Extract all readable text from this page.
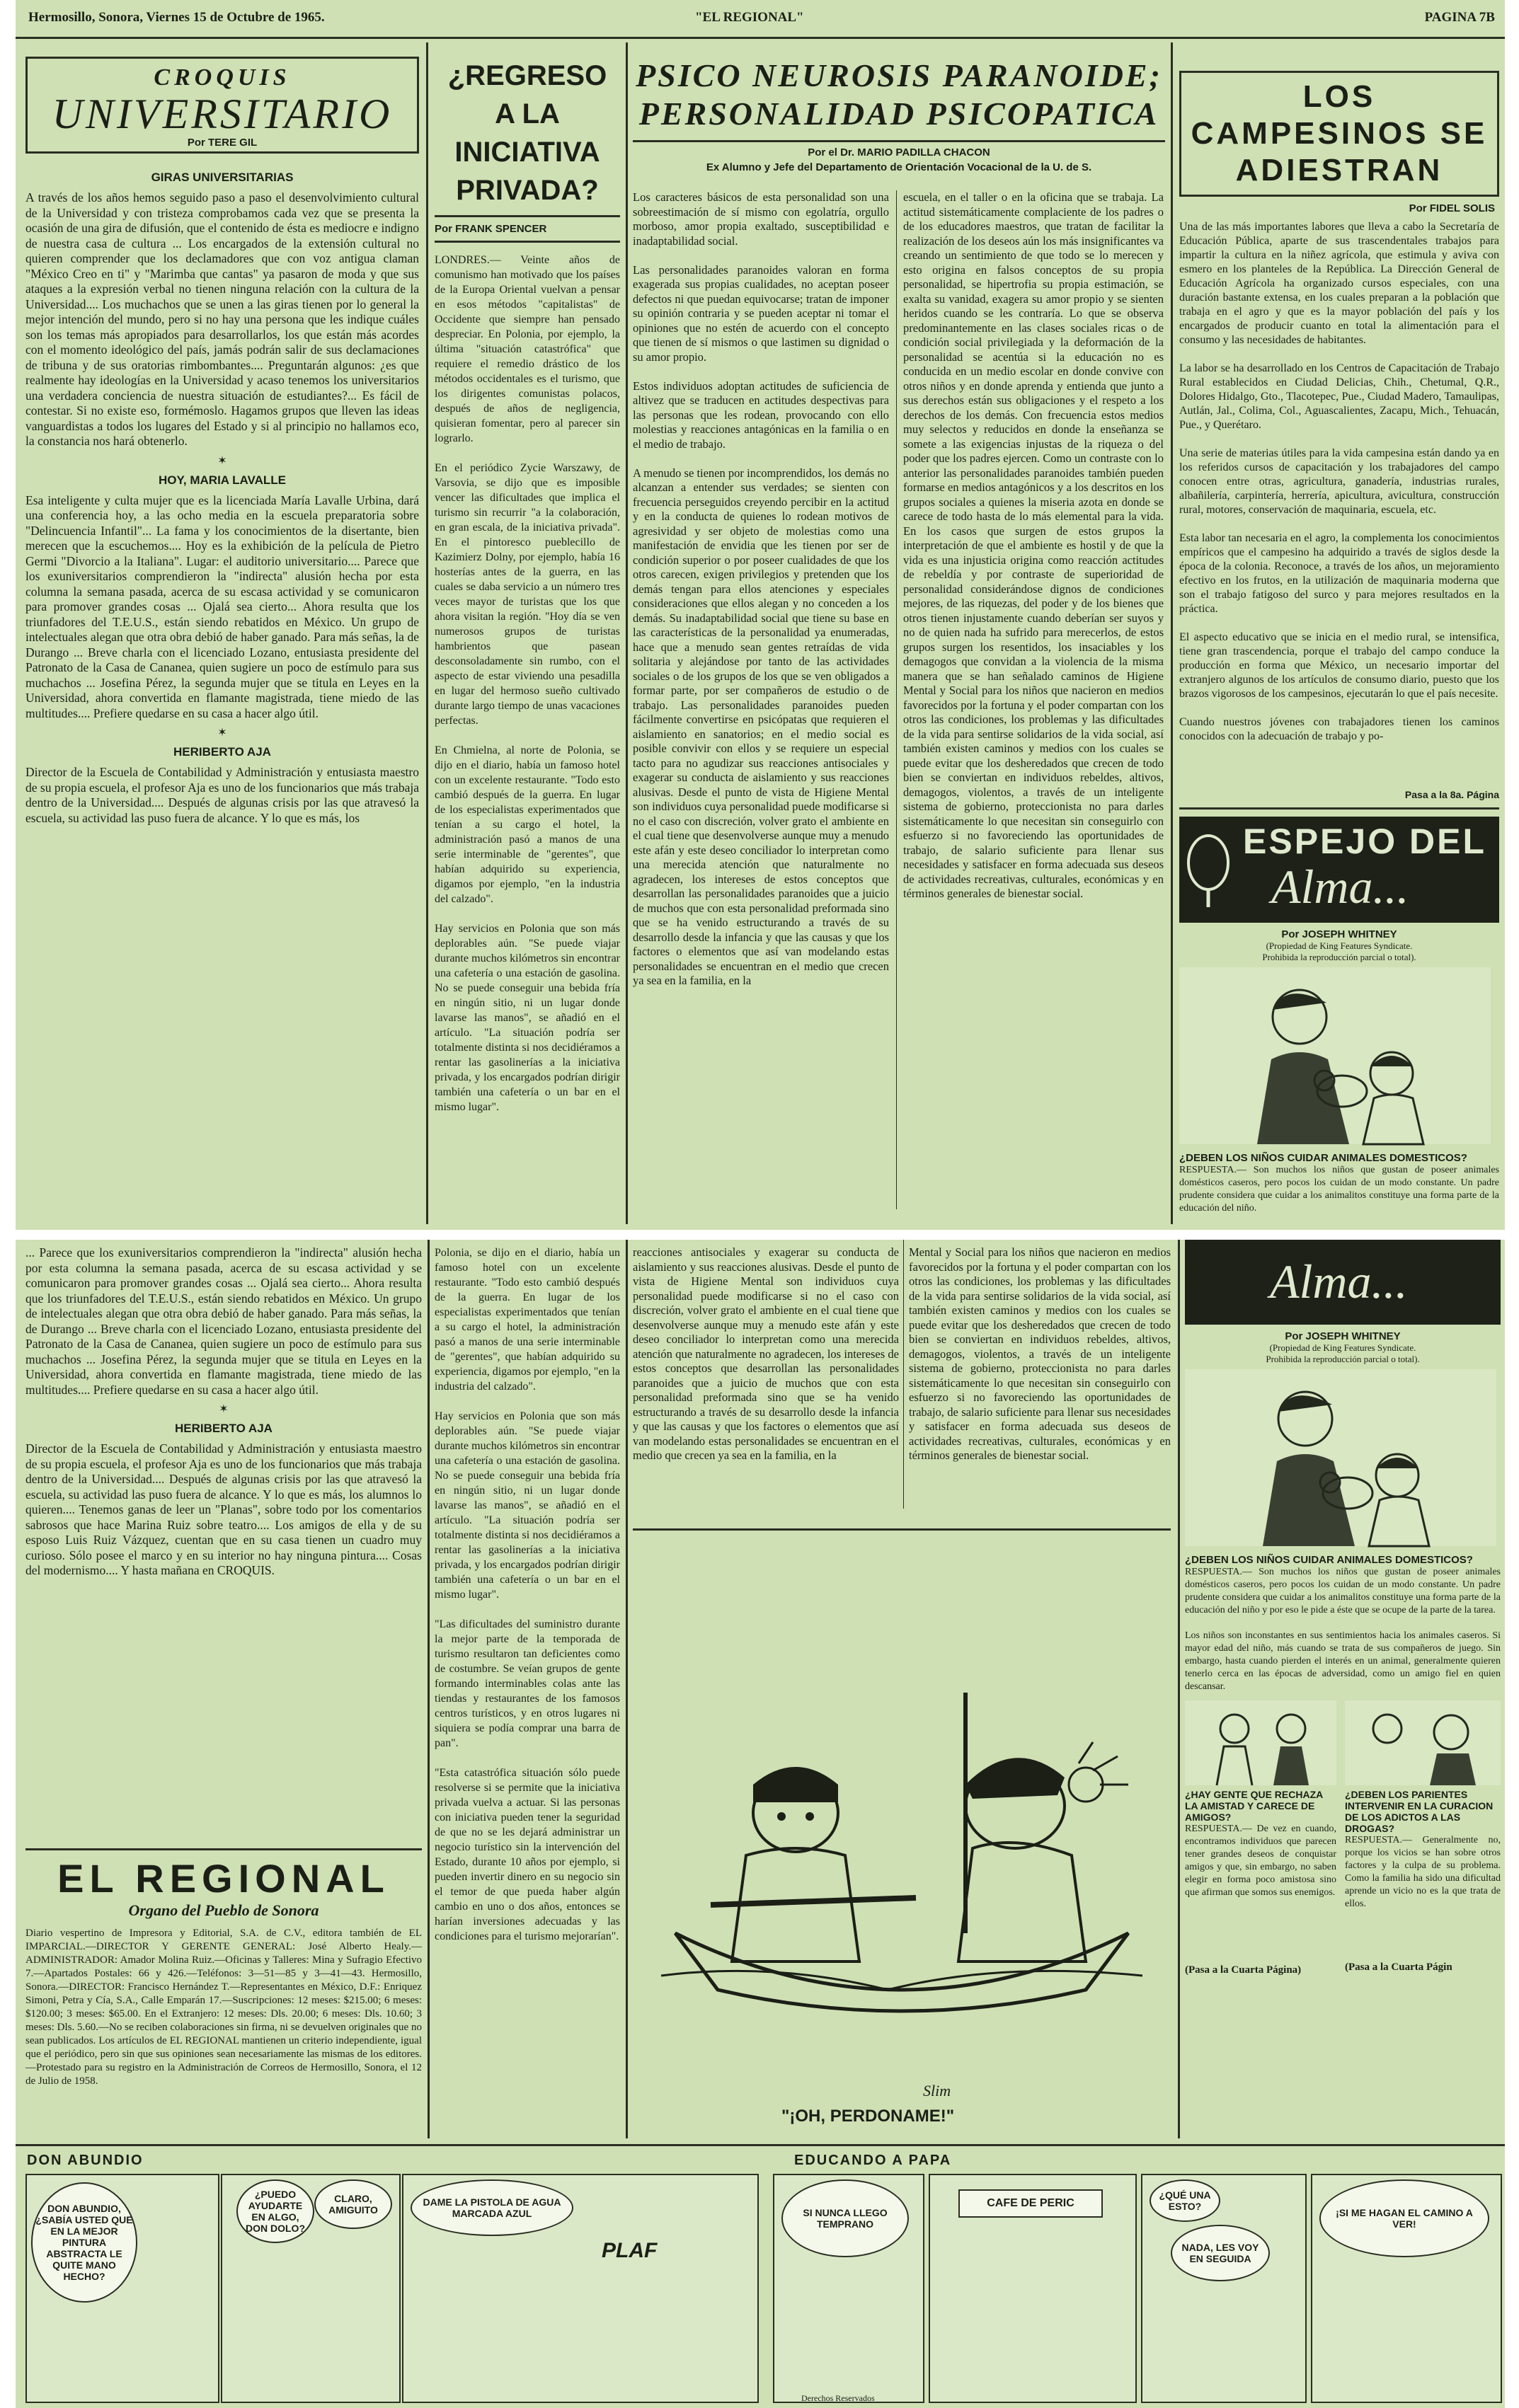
Hermosillo, Sonora, Viernes 15 de Octubre de 1965.	"EL REGIONAL"	PAGINA 7B
CROQUIS
UNIVERSITARIO
Por TERE GIL
GIRAS UNIVERSITARIAS
A través de los años hemos seguido paso a paso el desenvolvimiento cultural de la Universidad y con tristeza comprobamos cada vez que se presenta la ocasión de una gira de difusión, que el contenido de ésta es mediocre e indigno de nuestra casa de cultura ... Los encargados de la extensión cultural no quieren comprender que los declamadores que con voz antigua claman "México Creo en ti" y "Marimba que cantas" ya pasaron de moda y que sus ataques a la expresión verbal no tienen ninguna relación con la cultura de la Universidad.... Los muchachos que se unen a las giras tienen por lo general la mejor intención del mundo, pero si no hay una persona que les indique cuáles son los temas más apropiados para desarrollarlos, los que están más acordes con el momento ideológico del país, jamás podrán salir de sus declamaciones de tribuna y de sus oratorias rimbombantes.... Preguntarán algunos: ¿es que realmente hay ideologías en la Universidad y acaso tenemos los universitarios una verdadera conciencia de nuestra situación de estudiantes?... Es fácil de contestar. Si no existe eso, formémoslo. Hagamos grupos que lleven las ideas vanguardistas a todos los lugares del Estado y si al principio no hallamos eco, la constancia nos hará obtenerlo.
✶
HOY, MARIA LAVALLE
Esa inteligente y culta mujer que es la licenciada María Lavalle Urbina, dará una conferencia hoy, a las ocho media en la escuela preparatoria sobre "Delincuencia Infantil"... La fama y los conocimientos de la disertante, bien merecen que la escuchemos.... Hoy es la exhibición de la película de Pietro Germi "Divorcio a la Italiana". Lugar: el auditorio universitario.... Parece que los exuniversitarios comprendieron la "indirecta" alusión hecha por esta columna la semana pasada, acerca de su escasa actividad y se comunicaron para promover grandes cosas ... Ojalá sea cierto... Ahora resulta que los triunfadores del T.E.U.S., están siendo rebatidos en México. Un grupo de intelectuales alegan que otra obra debió de haber ganado. Para más señas, la de Durango ... Breve charla con el licenciado Lozano, entusiasta presidente del Patronato de la Casa de Cananea, quien sugiere un poco de estímulo para sus muchachos ... Josefina Pérez, la segunda mujer que se titula en Leyes en la Universidad, ahora convertida en flamante magistrada, tiene miedo de las multitudes.... Prefiere quedarse en su casa a hacer algo útil.
✶
HERIBERTO AJA
Director de la Escuela de Contabilidad y Administración y entusiasta maestro de su propia escuela, el profesor Aja es uno de los funcionarios que más trabaja dentro de la Universidad.... Después de algunas crisis por las que atravesó la escuela, su actividad las puso fuera de alcance. Y lo que es más, los
¿REGRESO A LA INICIATIVA PRIVADA?
Por FRANK SPENCER
LONDRES.— Veinte años de comunismo han motivado que los países de la Europa Oriental vuelvan a pensar en esos métodos "capitalistas" de Occidente que siempre han pensado despreciar. En Polonia, por ejemplo, la última "situación catastrófica" que requiere el remedio drástico de los métodos occidentales es el turismo, que los dirigentes comunistas polacos, después de años de negligencia, quisieran fomentar, pero al parecer sin lograrlo.

En el periódico Zycie Warszawy, de Varsovia, se dijo que es imposible vencer las dificultades que implica el turismo sin recurrir "a la colaboración, en gran escala, de la iniciativa privada". En el pintoresco pueblecillo de Kazimierz Dolny, por ejemplo, había 16 hosterías antes de la guerra, en las cuales se daba servicio a un número tres veces mayor de turistas que los que ahora visitan la región. "Hoy día se ven numerosos grupos de turistas hambrientos que pasean desconsoladamente sin rumbo, con el aspecto de estar viviendo una pesadilla en lugar del hermoso sueño cultivado durante largo tiempo de unas vacaciones perfectas.

En Chmielna, al norte de Polonia, se dijo en el diario, había un famoso hotel con un excelente restaurante. "Todo esto cambió después de la guerra. En lugar de los especialistas experimentados que tenían a su cargo el hotel, la administración pasó a manos de una serie interminable de "gerentes", que habían adquirido su experiencia, digamos por ejemplo, "en la industria del calzado".

Hay servicios en Polonia que son más deplorables aún. "Se puede viajar durante muchos kilómetros sin encontrar una cafetería o una estación de gasolina. No se puede conseguir una bebida fría en ningún sitio, ni un lugar donde lavarse las manos", se añadió en el artículo. "La situación podría ser totalmente distinta si nos decidiéramos a rentar las gasolinerías a la iniciativa privada, y los encargados podrían dirigir también una cafetería o un bar en el mismo lugar".
PSICO NEUROSIS PARANOIDE; PERSONALIDAD PSICOPATICA
Por el Dr. MARIO PADILLA CHACON
Ex Alumno y Jefe del Departamento de Orientación Vocacional de la U. de S.
Los caracteres básicos de esta personalidad son una sobreestimación de sí mismo con egolatría, orgullo morboso, amor propia exaltado, susceptibilidad e inadaptabilidad social.

Las personalidades paranoides valoran en forma exagerada sus propias cualidades, no aceptan poseer defectos ni que puedan equivocarse; tratan de imponer su opinión contraria y se pueden aceptar ni tomar el opiniones que no estén de acuerdo con el concepto que tienen de sí mismos o que lastimen su dignidad o su amor propio.

Estos individuos adoptan actitudes de suficiencia de altivez que se traducen en actitudes despectivas para las personas que les rodean, provocando con ello molestias y reacciones antagónicas en la familia o en el medio de trabajo.

A menudo se tienen por incomprendidos, los demás no alcanzan a entender sus verdades; se sienten con frecuencia perseguidos creyendo percibir en la actitud y en la conducta de quienes lo rodean motivos de agresividad y ser objeto de molestias como una manifestación de envidia que les tienen por ser de condición superior o por poseer cualidades de que los otros carecen, exigen privilegios y pretenden que los demás tengan para ellos atenciones y especiales consideraciones que ellos alegan y no conceden a los demás. Su inadaptabilidad social que tiene su base en las características de la personalidad ya enumeradas, hace que a menudo sean gentes retraídas de vida solitaria y alejándose por tanto de las actividades sociales o de los grupos de los que se ven obligados a formar parte, por ser compañeros de estudio o de trabajo. Las personalidades paranoides pueden fácilmente convertirse en psicópatas que requieren el aislamiento en sanatorios; en el medio social es posible convivir con ellos y se requiere un especial tacto para no agudizar sus reacciones antisociales y exagerar su conducta de aislamiento y sus reacciones alusivas. Desde el punto de vista de Higiene Mental son individuos cuya personalidad puede modificarse si no el caso con discreción, volver grato el ambiente en el cual tiene que desenvolverse aunque muy a menudo este afán y este deseo conciliador lo interpretan como una merecida atención que naturalmente no agradecen, los intereses de estos conceptos que desarrollan las personalidades paranoides que a juicio de muchos que con esta personalidad preformada sino que se ha venido estructurando a través de su desarrollo desde la infancia y que las causas y que los factores o elementos que así van modelando estas personalidades se encuentran en el medio que crecen ya sea en la familia, en la
escuela, en el taller o en la oficina que se trabaja. La actitud sistemáticamente complaciente de los padres o de los educadores maestros, que tratan de facilitar la realización de los deseos aún los más insignificantes va creando un sentimiento de que todo se lo merecen y esto origina en falsos conceptos de su propia personalidad, se hipertrofia su propia estimación, se exalta su vanidad, exagera su amor propio y se sienten heridos cuando se les contraría. Lo que se observa predominantemente en las clases sociales ricas o de condición social privilegiada y la deformación de la personalidad se acentúa si la educación no es conducida en un medio escolar en donde convive con otros niños y en donde aprenda y entienda que junto a sus derechos están sus obligaciones y el respeto a los derechos de los demás. Con frecuencia estos medios muy selectos y reducidos en donde la enseñanza se somete a las exigencias injustas de la riqueza o del poder que los padres ejercen. Como un contraste con lo anterior las personalidades paranoides también pueden formarse en medios antagónicos y a los descritos en los grupos sociales a quienes la miseria azota en donde se carece de todo hasta de lo más elemental para la vida. En los casos que surgen de estos grupos la interpretación de que el ambiente es hostil y de que la vida es una injusticia origina como reacción actitudes de rebeldía y por contraste de superioridad de personalidad considerándose dignos de condiciones mejores, de las riquezas, del poder y de los bienes que otros tienen injustamente cuando deberían ser suyos y no de quien nada ha sufrido para merecerlos, de estos grupos surgen los resentidos, los insaciables y los demagogos que convidan a la violencia de la misma manera que se han señalado caminos de Higiene Mental y Social para los niños que nacieron en medios favorecidos por la fortuna y el poder compartan con los otros las condiciones, los problemas y las dificultades de la vida para sentirse solidarios de la vida social, así también existen caminos y medios con los cuales se puede evitar que los desheredados que crecen de todo bien se conviertan en individuos rebeldes, altivos, demagogos, violentos, a través de un inteligente sistema de gobierno, proteccionista no para darles sistemáticamente lo que necesitan sin conseguirlo con esfuerzo si no favoreciendo las oportunidades de trabajo, de salario suficiente para llenar sus necesidades y satisfacer en forma adecuada sus deseos de actividades recreativas, culturales, económicas y en términos generales de bienestar social.
LOS CAMPESINOS SE ADIESTRAN
Por FIDEL SOLIS
Una de las más importantes labores que lleva a cabo la Secretaría de Educación Pública, aparte de sus trascendentales trabajos para impartir la cultura en la niñez agrícola, que estimula y aviva con esmero en los planteles de la República. La Dirección General de Educación Agrícola ha organizado cursos especiales, con una duración bastante extensa, en los cuales preparan a la población que trabaja en el agro y que es la mayor población del país y los encargados de producir cuanto en total la alimentación para el consumo y las necesidades de habitantes.

La labor se ha desarrollado en los Centros de Capacitación de Trabajo Rural establecidos en Ciudad Delicias, Chih., Chetumal, Q.R., Dolores Hidalgo, Gto., Tlacotepec, Pue., Ciudad Madero, Tamaulipas, Autlán, Jal., Colima, Col., Aguascalientes, Zacapu, Mich., Tehuacán, Pue., y Querétaro.

Una serie de materias útiles para la vida campesina están dando ya en los referidos cursos de capacitación y los trabajadores del campo conocen entre otras, agricultura, ganadería, industrias rurales, albañilería, carpintería, herrería, apicultura, avicultura, construcción rural, motores, conservación de maquinaria, escuela, etc.

Esta labor tan necesaria en el agro, la complementa los conocimientos empíricos que el campesino ha adquirido a través de siglos desde la época de la colonia. Reconoce, a través de los años, un mejoramiento efectivo en los frutos, en la utilización de maquinaria moderna que son el trabajo fatigoso del surco y para mejores resultados en la práctica.

El aspecto educativo que se inicia en el medio rural, se intensifica, tiene gran trascendencia, porque el trabajo del campo conduce la producción en forma que México, un necesario importar del extranjero algunos de los artículos de consumo diario, puesto que los brazos vigorosos de los campesinos, ejecutarán lo que el país necesite.

Cuando nuestros jóvenes con trabajadores tienen los caminos conocidos con la adecuación de trabajo y po-
Pasa a la 8a. Página
ESPEJO DEL
Alma...
Por JOSEPH WHITNEY
(Propiedad de King Features Syndicate.
Prohibida la reproducción parcial o total).
¿DEBEN LOS NIÑOS CUIDAR ANIMALES DOMESTICOS?
RESPUESTA.— Son muchos los niños que gustan de poseer animales domésticos caseros, pero pocos los cuidan de un modo constante. Un padre prudente considera que cuidar a los animalitos constituye una forma parte de la educación del niño.
... Parece que los exuniversitarios comprendieron la "indirecta" alusión hecha por esta columna la semana pasada, acerca de su escasa actividad y se comunicaron para promover grandes cosas ... Ojalá sea cierto... Ahora resulta que los triunfadores del T.E.U.S., están siendo rebatidos en México. Un grupo de intelectuales alegan que otra obra debió de haber ganado. Para más señas, la de Durango ... Breve charla con el licenciado Lozano, entusiasta presidente del Patronato de la Casa de Cananea, quien sugiere un poco de estímulo para sus muchachos ... Josefina Pérez, la segunda mujer que se titula en Leyes en la Universidad, ahora convertida en flamante magistrada, tiene miedo de las multitudes.... Prefiere quedarse en su casa a hacer algo útil.
✶
HERIBERTO AJA
Director de la Escuela de Contabilidad y Administración y entusiasta maestro de su propia escuela, el profesor Aja es uno de los funcionarios que más trabaja dentro de la Universidad.... Después de algunas crisis por las que atravesó la escuela, su actividad las puso fuera de alcance. Y lo que es más, los alumnos lo quieren.... Tenemos ganas de leer un "Planas", sobre todo por los comentarios sabrosos que hace Marina Ruiz sobre teatro.... Los amigos de ella y de su esposo Luis Ruiz Vázquez, cuentan que en su casa tienen un cuadro muy curioso. Sólo posee el marco y en su interior no hay ninguna pintura.... Cosas del modernismo.... Y hasta mañana en CROQUIS.
EL REGIONAL
Organo del Pueblo de Sonora
Diario vespertino de Impresora y Editorial, S.A. de C.V., editora también de EL IMPARCIAL.—DIRECTOR Y GERENTE GENERAL: José Alberto Healy.—ADMINISTRADOR: Amador Molina Ruiz.—Oficinas y Talleres: Mina y Sufragio Efectivo 7.—Apartados Postales: 66 y 426.—Teléfonos: 3—51—85 y 3—41—43. Hermosillo, Sonora.—DIRECTOR: Francisco Hernández T.—Representantes en México, D.F.: Enriquez Simoni, Petra y Cía, S.A., Calle Emparán 17.—Suscripciones: 12 meses: $215.00; 6 meses: $120.00; 3 meses: $65.00. En el Extranjero: 12 meses: Dls. 20.00; 6 meses: Dls. 10.60; 3 meses: Dls. 5.60.—No se reciben colaboraciones sin firma, ni se devuelven originales que no sean publicados. Los artículos de EL REGIONAL mantienen un criterio independiente, igual que el periódico, pero sin que sus opiniones sean necesariamente las mismas de los editores.—Protestado para su registro en la Administración de Correos de Hermosillo, Sonora, el 12 de Julio de 1958.
Polonia, se dijo en el diario, había un famoso hotel con un excelente restaurante. "Todo esto cambió después de la guerra. En lugar de los especialistas experimentados que tenían a su cargo el hotel, la administración pasó a manos de una serie interminable de "gerentes", que habían adquirido su experiencia, digamos por ejemplo, "en la industria del calzado".

Hay servicios en Polonia que son más deplorables aún. "Se puede viajar durante muchos kilómetros sin encontrar una cafetería o una estación de gasolina. No se puede conseguir una bebida fría en ningún sitio, ni un lugar donde lavarse las manos", se añadió en el artículo. "La situación podría ser totalmente distinta si nos decidiéramos a rentar las gasolinerías a la iniciativa privada, y los encargados podrían dirigir también una cafetería o un bar en el mismo lugar".

"Las dificultades del suministro durante la mejor parte de la temporada de turismo resultaron tan deficientes como de costumbre. Se veían grupos de gente formando interminables colas ante las tiendas y restaurantes de los famosos centros turísticos, y en otros lugares ni siquiera se podía comprar una barra de pan".

"Esta catastrófica situación sólo puede resolverse si se permite que la iniciativa privada vuelva a actuar. Si las personas con iniciativa pueden tener la seguridad de que no se les dejará administrar un negocio turístico sin la intervención del Estado, durante 10 años por ejemplo, si pueden invertir dinero en su negocio sin el temor de que pueda haber algún cambio en uno o dos años, entonces se harían inversiones adecuadas y las condiciones para el turismo mejorarían".
reacciones antisociales y exagerar su conducta de aislamiento y sus reacciones alusivas. Desde el punto de vista de Higiene Mental son individuos cuya personalidad puede modificarse si no el caso con discreción, volver grato el ambiente en el cual tiene que desenvolverse aunque muy a menudo este afán y este deseo conciliador lo interpretan como una merecida atención que naturalmente no agradecen, los intereses de estos conceptos que desarrollan las personalidades paranoides que a juicio de muchos que con esta personalidad preformada sino que se ha venido estructurando a través de su desarrollo desde la infancia y que las causas y que los factores o elementos que así van modelando estas personalidades se encuentran en el medio que crecen ya sea en la familia, en la
Mental y Social para los niños que nacieron en medios favorecidos por la fortuna y el poder compartan con los otros las condiciones, los problemas y las dificultades de la vida para sentirse solidarios de la vida social, así también existen caminos y medios con los cuales se puede evitar que los desheredados que crecen de todo bien se conviertan en individuos rebeldes, altivos, demagogos, violentos, a través de un inteligente sistema de gobierno, proteccionista no para darles sistemáticamente lo que necesitan sin conseguirlo con esfuerzo si no favoreciendo las oportunidades de trabajo, de salario suficiente para llenar sus necesidades y satisfacer en forma adecuada sus deseos de actividades recreativas, culturales, económicas y en términos generales de bienestar social.
Slim
"¡OH, PERDONAME!"
Alma...
Por JOSEPH WHITNEY
(Propiedad de King Features Syndicate.
Prohibida la reproducción parcial o total).
¿DEBEN LOS NIÑOS CUIDAR ANIMALES DOMESTICOS?
RESPUESTA.— Son muchos los niños que gustan de poseer animales domésticos caseros, pero pocos los cuidan de un modo constante. Un padre prudente considera que cuidar a los animalitos constituye una forma parte de la educación del niño y por eso le pide a éste que se ocupe de la parte de la tarea.

Los niños son inconstantes en sus sentimientos hacia los animales caseros. Si mayor edad del niño, más cuando se trata de sus compañeros de juego. Sin embargo, hasta cuando pierden el interés en un animal, generalmente quieren tenerlo cerca en las épocas de adversidad, como un amigo fiel en quien descansar.
¿HAY GENTE QUE RECHAZA LA AMISTAD Y CARECE DE AMIGOS?
RESPUESTA.— De vez en cuando, encontramos individuos que parecen tener grandes deseos de conquistar amigos y que, sin embargo, no saben elegir en forma poco amistosa sino que afirman que somos sus enemigos.
(Pasa a la Cuarta Página)
¿DEBEN LOS PARIENTES INTERVENIR EN LA CURACION DE LOS ADICTOS A LAS DROGAS?
RESPUESTA.— Generalmente no, porque los vicios se han sobre otros factores y la culpa de su problema. Como la familia ha sido una dificultad aprende un vicio no es la que trata de ellos.
(Pasa a la Cuarta Págin
DON ABUNDIO	EDUCANDO A PAPA
DON ABUNDIO, ¿SABÍA USTED QUE EN LA MEJOR PINTURA ABSTRACTA LE QUITE MANO HECHO?
¿PUEDO AYUDARTE EN ALGO, DON DOLO?
CLARO, AMIGUITO
DAME LA PISTOLA DE AGUA MARCADA AZUL
PLAF
SI NUNCA LLEGO TEMPRANO
CAFE DE PERIC
¿QUÉ UNA ESTO?
NADA, LES VOY EN SEGUIDA
¡SI ME HAGAN EL CAMINO A VER!
Derechos Reservados
